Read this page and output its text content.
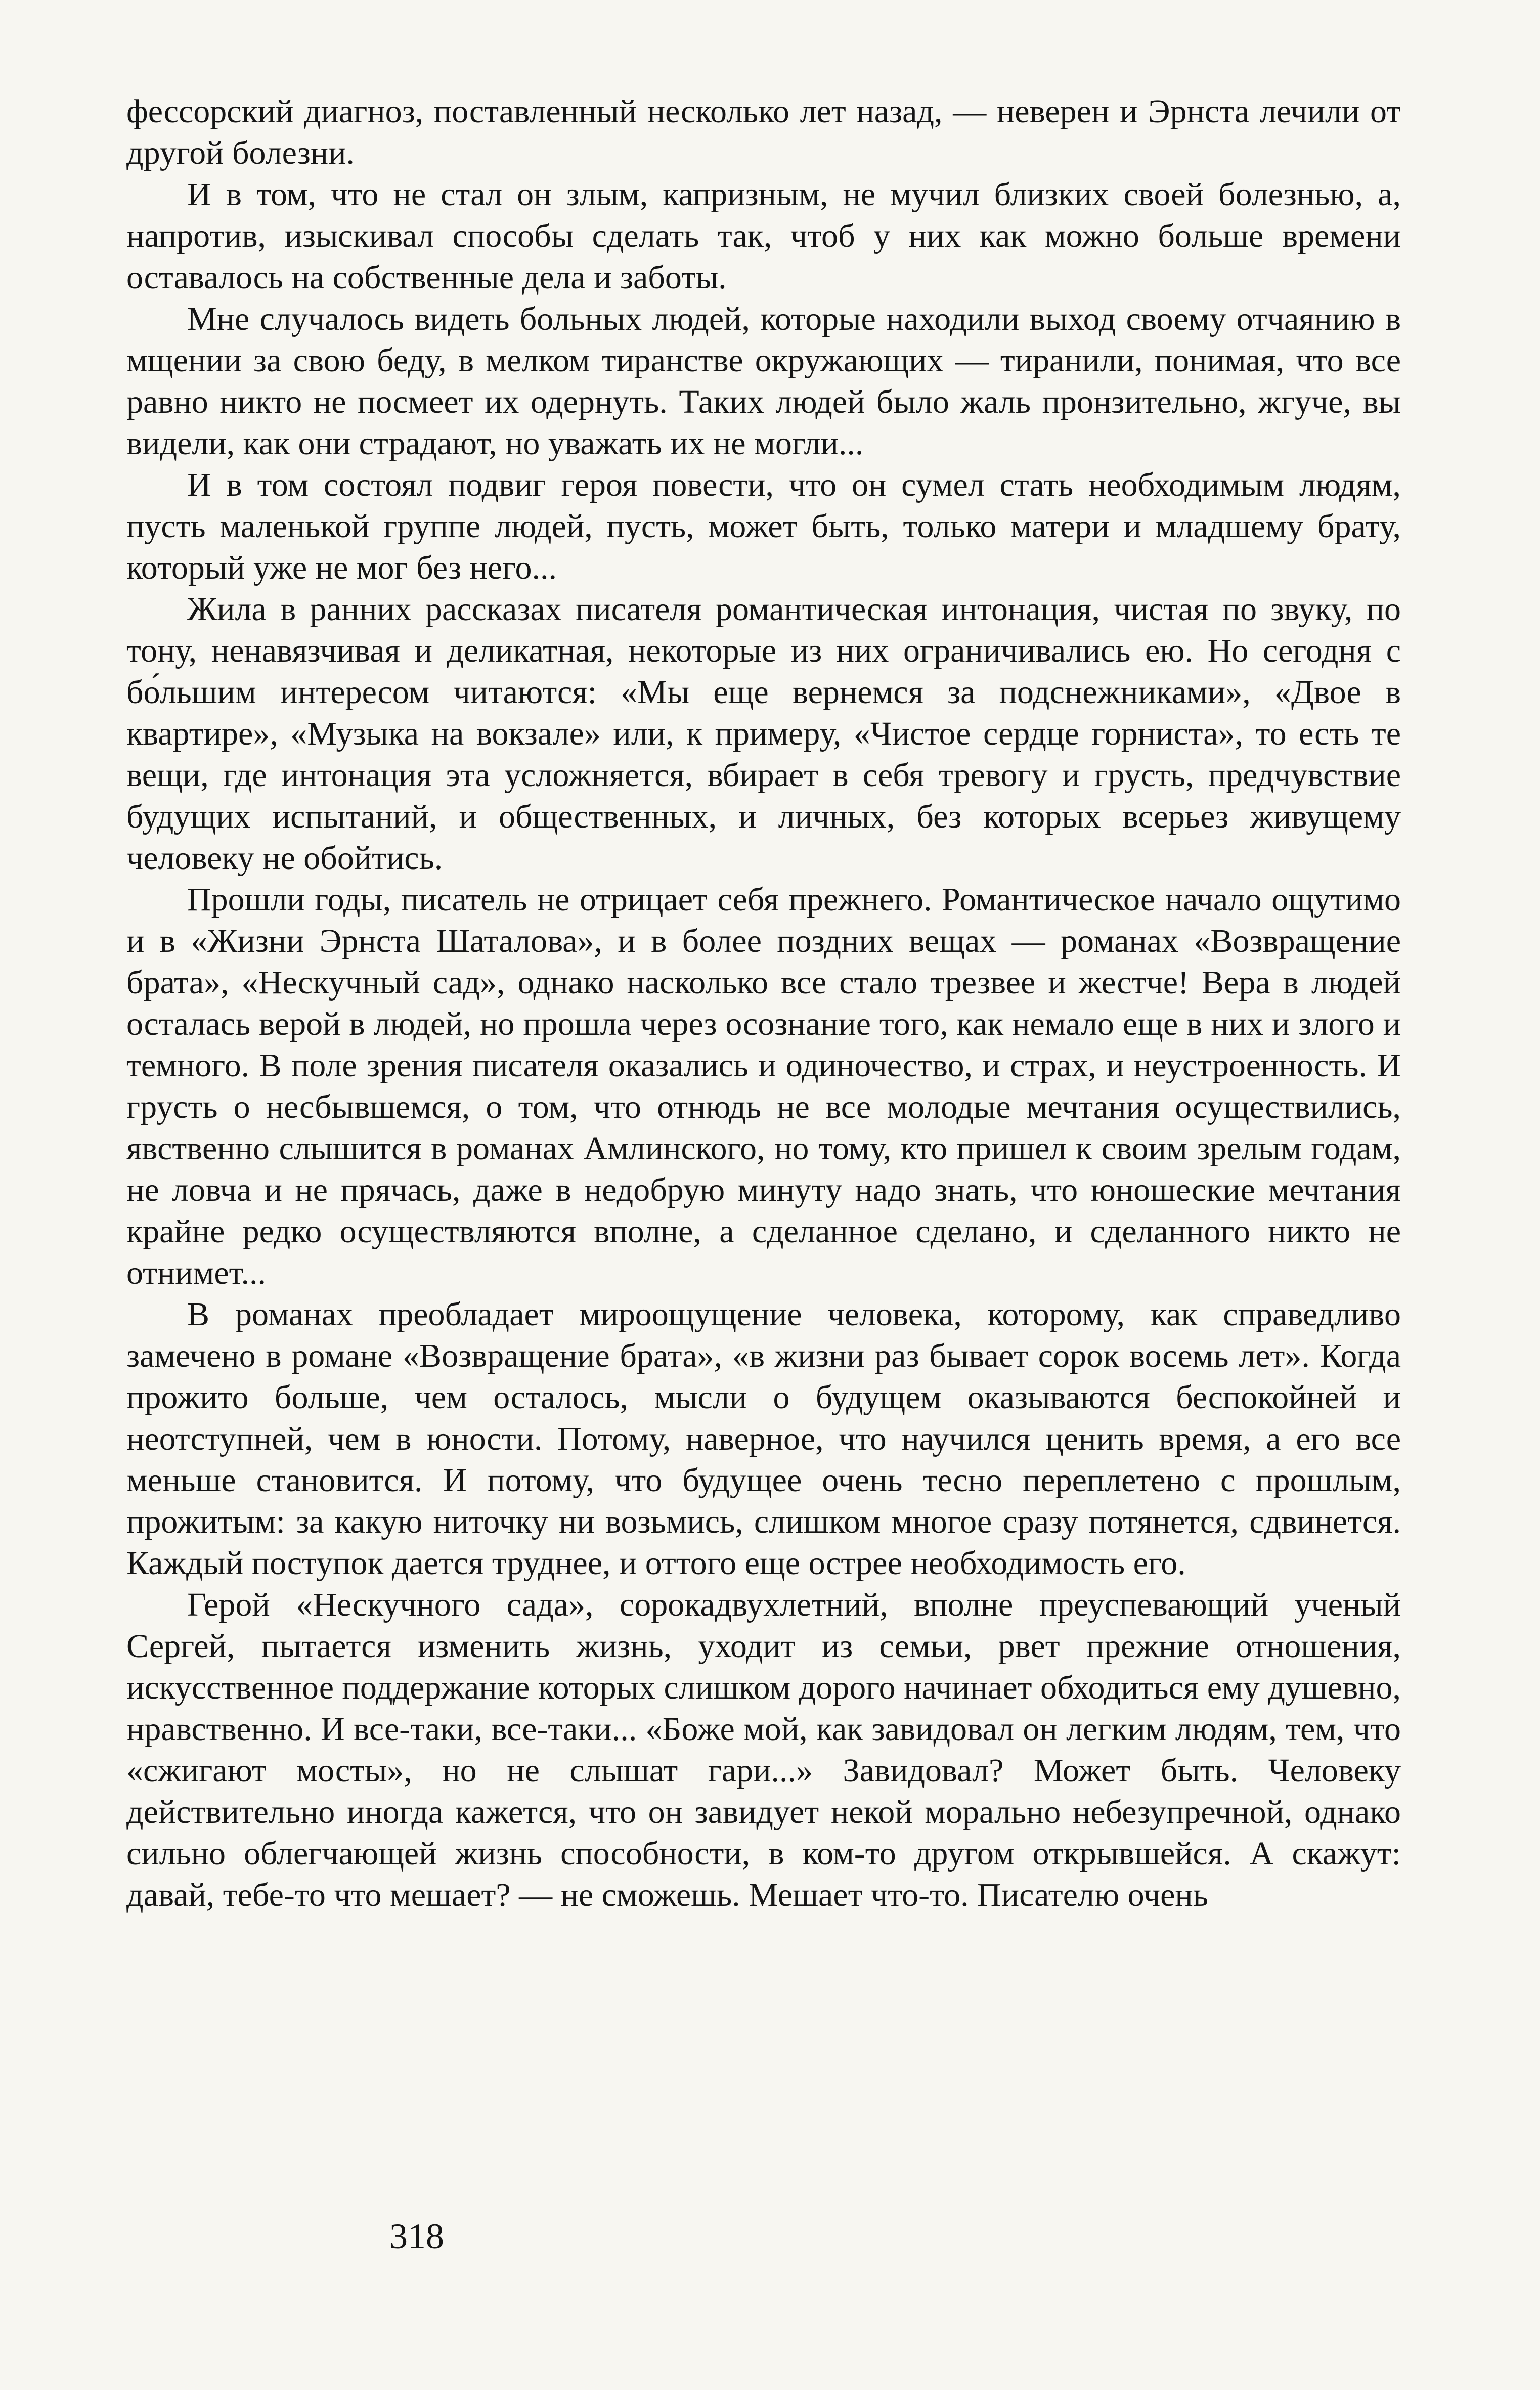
фессорский диагноз, поставленный несколько лет назад, — неверен и Эрнста лечили от другой болезни.

И в том, что не стал он злым, капризным, не мучил близких своей болезнью, а, напротив, изыскивал способы сделать так, чтоб у них как можно больше времени оставалось на собственные дела и заботы.

Мне случалось видеть больных людей, которые находили выход своему отчаянию в мщении за свою беду, в мелком тиранстве окружающих — тиранили, понимая, что все равно никто не посмеет их одернуть. Таких людей было жаль пронзительно, жгуче, вы видели, как они страдают, но уважать их не могли...

И в том состоял подвиг героя повести, что он сумел стать необходимым людям, пусть маленькой группе людей, пусть, может быть, только матери и младшему брату, который уже не мог без него...

Жила в ранних рассказах писателя романтическая интонация, чистая по звуку, по тону, ненавязчивая и деликатная, некоторые из них ограничивались ею. Но сегодня с бо́льшим интересом читаются: «Мы еще вернемся за подснежниками», «Двое в квартире», «Музыка на вокзале» или, к примеру, «Чистое сердце горниста», то есть те вещи, где интонация эта усложняется, вбирает в себя тревогу и грусть, предчувствие будущих испытаний, и общественных, и личных, без которых всерьез живущему человеку не обойтись.

Прошли годы, писатель не отрицает себя прежнего. Романтическое начало ощутимо и в «Жизни Эрнста Шаталова», и в более поздних вещах — романах «Возвращение брата», «Нескучный сад», однако насколько все стало трезвее и жестче! Вера в людей осталась верой в людей, но прошла через осознание того, как немало еще в них и злого и темного. В поле зрения писателя оказались и одиночество, и страх, и неустроенность. И грусть о несбывшемся, о том, что отнюдь не все молодые мечтания осуществились, явственно слышится в романах Амлинского, но тому, кто пришел к своим зрелым годам, не ловча и не прячась, даже в недобрую минуту надо знать, что юношеские мечтания крайне редко осуществляются вполне, а сделанное сделано, и сделанного никто не отнимет...

В романах преобладает мироощущение человека, которому, как справедливо замечено в романе «Возвращение брата», «в жизни раз бывает сорок восемь лет». Когда прожито больше, чем осталось, мысли о будущем оказываются беспокойней и неотступней, чем в юности. Потому, наверное, что научился ценить время, а его все меньше становится. И потому, что будущее очень тесно переплетено с прошлым, прожитым: за какую ниточку ни возьмись, слишком многое сразу потянется, сдвинется. Каждый поступок дается труднее, и оттого еще острее необходимость его.

Герой «Нескучного сада», сорокадвухлетний, вполне преуспевающий ученый Сергей, пытается изменить жизнь, уходит из семьи, рвет прежние отношения, искусственное поддержание которых слишком дорого начинает обходиться ему душевно, нравственно. И все-таки, все-таки... «Боже мой, как завидовал он легким людям, тем, что «сжигают мосты», но не слышат гари...» Завидовал? Может быть. Человеку действительно иногда кажется, что он завидует некой морально небезупречной, однако сильно облегчающей жизнь способности, в ком-то другом открывшейся. А скажут: давай, тебе-то что мешает? — не сможешь. Мешает что-то. Писателю очень

318
